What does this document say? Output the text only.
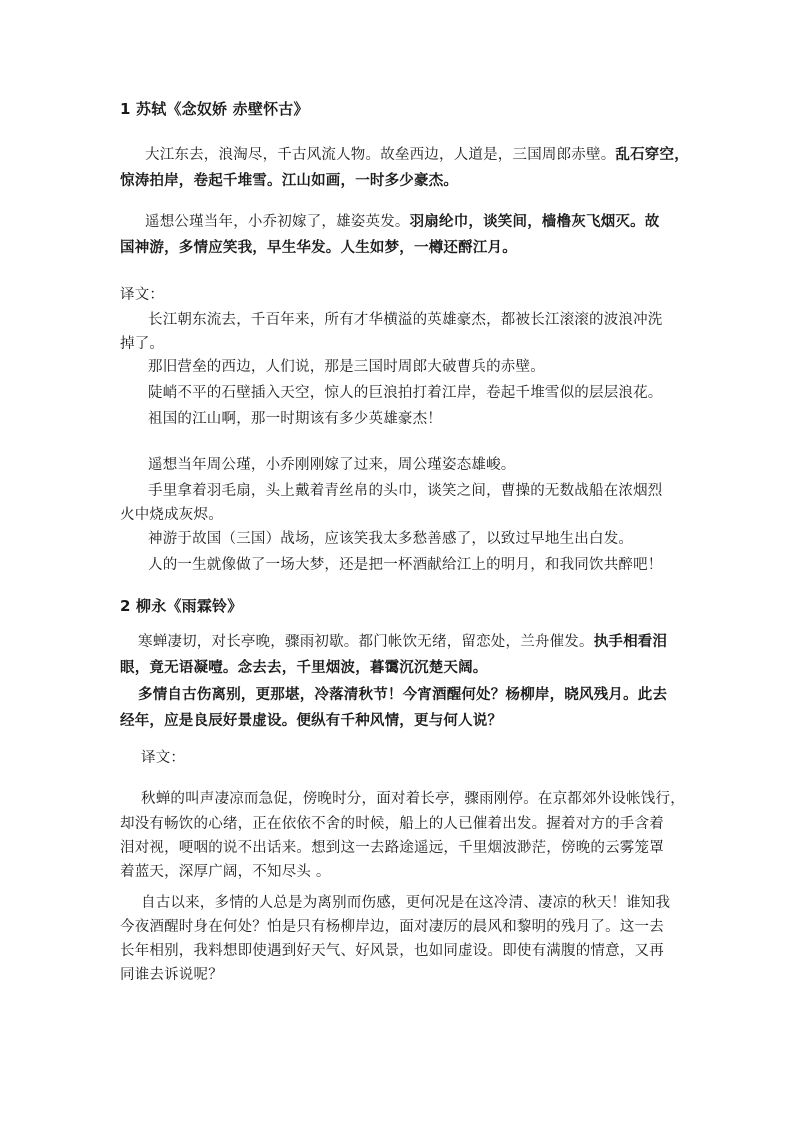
1 苏轼《念奴娇 赤壁怀古》
大江东去，浪淘尽，千古风流人物。故垒西边，人道是，三国周郎赤壁。乱石穿空，
惊涛拍岸，卷起千堆雪。江山如画，一时多少豪杰。
遥想公瑾当年，小乔初嫁了，雄姿英发。羽扇纶巾，谈笑间，樯橹灰飞烟灭。故
国神游，多情应笑我，早生华发。人生如梦，一樽还酹江月。
译文：
长江朝东流去，千百年来，所有才华横溢的英雄豪杰，都被长江滚滚的波浪冲洗
掉了。
那旧营垒的西边，人们说，那是三国时周郎大破曹兵的赤壁。
陡峭不平的石壁插入天空，惊人的巨浪拍打着江岸，卷起千堆雪似的层层浪花。
祖国的江山啊，那一时期该有多少英雄豪杰！
遥想当年周公瑾，小乔刚刚嫁了过来，周公瑾姿态雄峻。
手里拿着羽毛扇，头上戴着青丝帛的头巾，谈笑之间，曹操的无数战船在浓烟烈
火中烧成灰烬。
神游于故国（三国）战场，应该笑我太多愁善感了，以致过早地生出白发。
人的一生就像做了一场大梦，还是把一杯酒献给江上的明月，和我同饮共醉吧！
2 柳永《雨霖铃》
寒蝉凄切，对长亭晚，骤雨初歇。都门帐饮无绪，留恋处，兰舟催发。执手相看泪
眼，竟无语凝噎。念去去，千里烟波，暮霭沉沉楚天阔。
多情自古伤离别，更那堪，冷落清秋节！今宵酒醒何处？杨柳岸，晓风残月。此去
经年，应是良辰好景虚设。便纵有千种风情，更与何人说？
译文：
秋蝉的叫声凄凉而急促，傍晚时分，面对着长亭，骤雨刚停。在京都郊外设帐饯行，
却没有畅饮的心绪，正在依依不舍的时候，船上的人已催着出发。握着对方的手含着
泪对视，哽咽的说不出话来。想到这一去路途遥远，千里烟波渺茫，傍晚的云雾笼罩
着蓝天，深厚广阔，不知尽头 。
自古以来，多情的人总是为离别而伤感，更何况是在这冷清、凄凉的秋天！谁知我
今夜酒醒时身在何处？怕是只有杨柳岸边，面对凄厉的晨风和黎明的残月了。这一去
长年相别，我料想即使遇到好天气、好风景，也如同虚设。即使有满腹的情意，又再
同谁去诉说呢？
